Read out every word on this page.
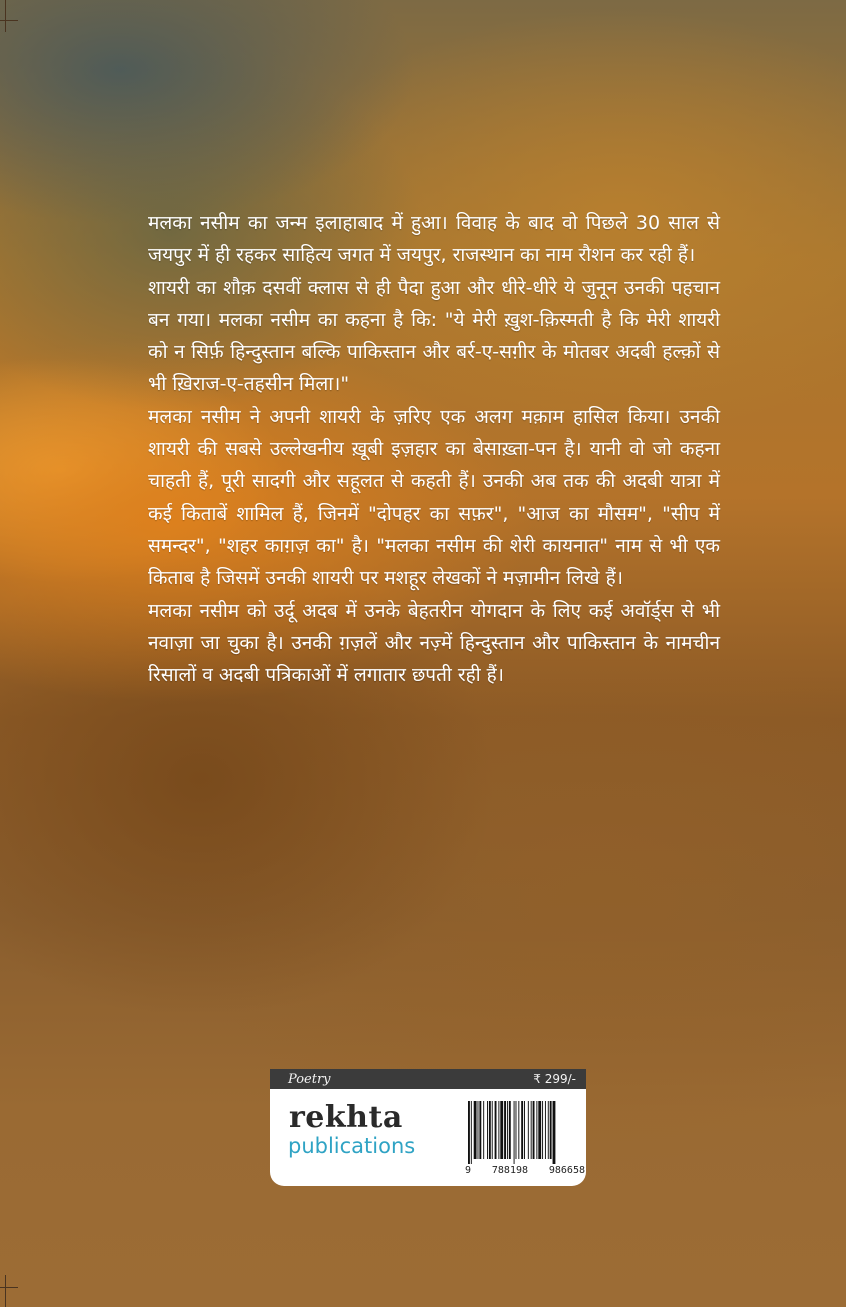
मलका नसीम का जन्म इलाहाबाद में हुआ। विवाह के बाद वो पिछले 30 साल से जयपुर में ही रहकर साहित्य जगत में जयपुर, राजस्थान का नाम रौशन कर रही हैं।

शायरी का शौक़ दसवीं क्लास से ही पैदा हुआ और धीरे-धीरे ये जुनून उनकी पहचान बन गया। मलका नसीम का कहना है कि: "ये मेरी ख़ुश-क़िस्मती है कि मेरी शायरी को न सिर्फ़ हिन्दुस्तान बल्कि पाकिस्तान और बर्र-ए-सग़ीर के मोतबर अदबी हल्क़ों से भी ख़िराज-ए-तहसीन मिला।"

मलका नसीम ने अपनी शायरी के ज़रिए एक अलग मक़ाम हासिल किया। उनकी शायरी की सबसे उल्लेखनीय ख़ूबी इज़हार का बेसाख़्ता-पन है। यानी वो जो कहना चाहती हैं, पूरी सादगी और सहूलत से कहती हैं। उनकी अब तक की अदबी यात्रा में कई किताबें शामिल हैं, जिनमें "दोपहर का सफ़र", "आज का मौसम", "सीप में समन्दर", "शहर काग़ज़ का" है। "मलका नसीम की शेरी कायनात" नाम से भी एक किताब है जिसमें उनकी शायरी पर मशहूर लेखकों ने मज़ामीन लिखे हैं।

मलका नसीम को उर्दू अदब में उनके बेहतरीन योगदान के लिए कई अवॉर्ड्स से भी नवाज़ा जा चुका है। उनकी ग़ज़लें और नज़्में हिन्दुस्तान और पाकिस्तान के नामचीन रिसालों व अदबी पत्रिकाओं में लगातार छपती रही हैं।

Poetry	₹ 299/-
rekhta
publications
9 788198 986658
